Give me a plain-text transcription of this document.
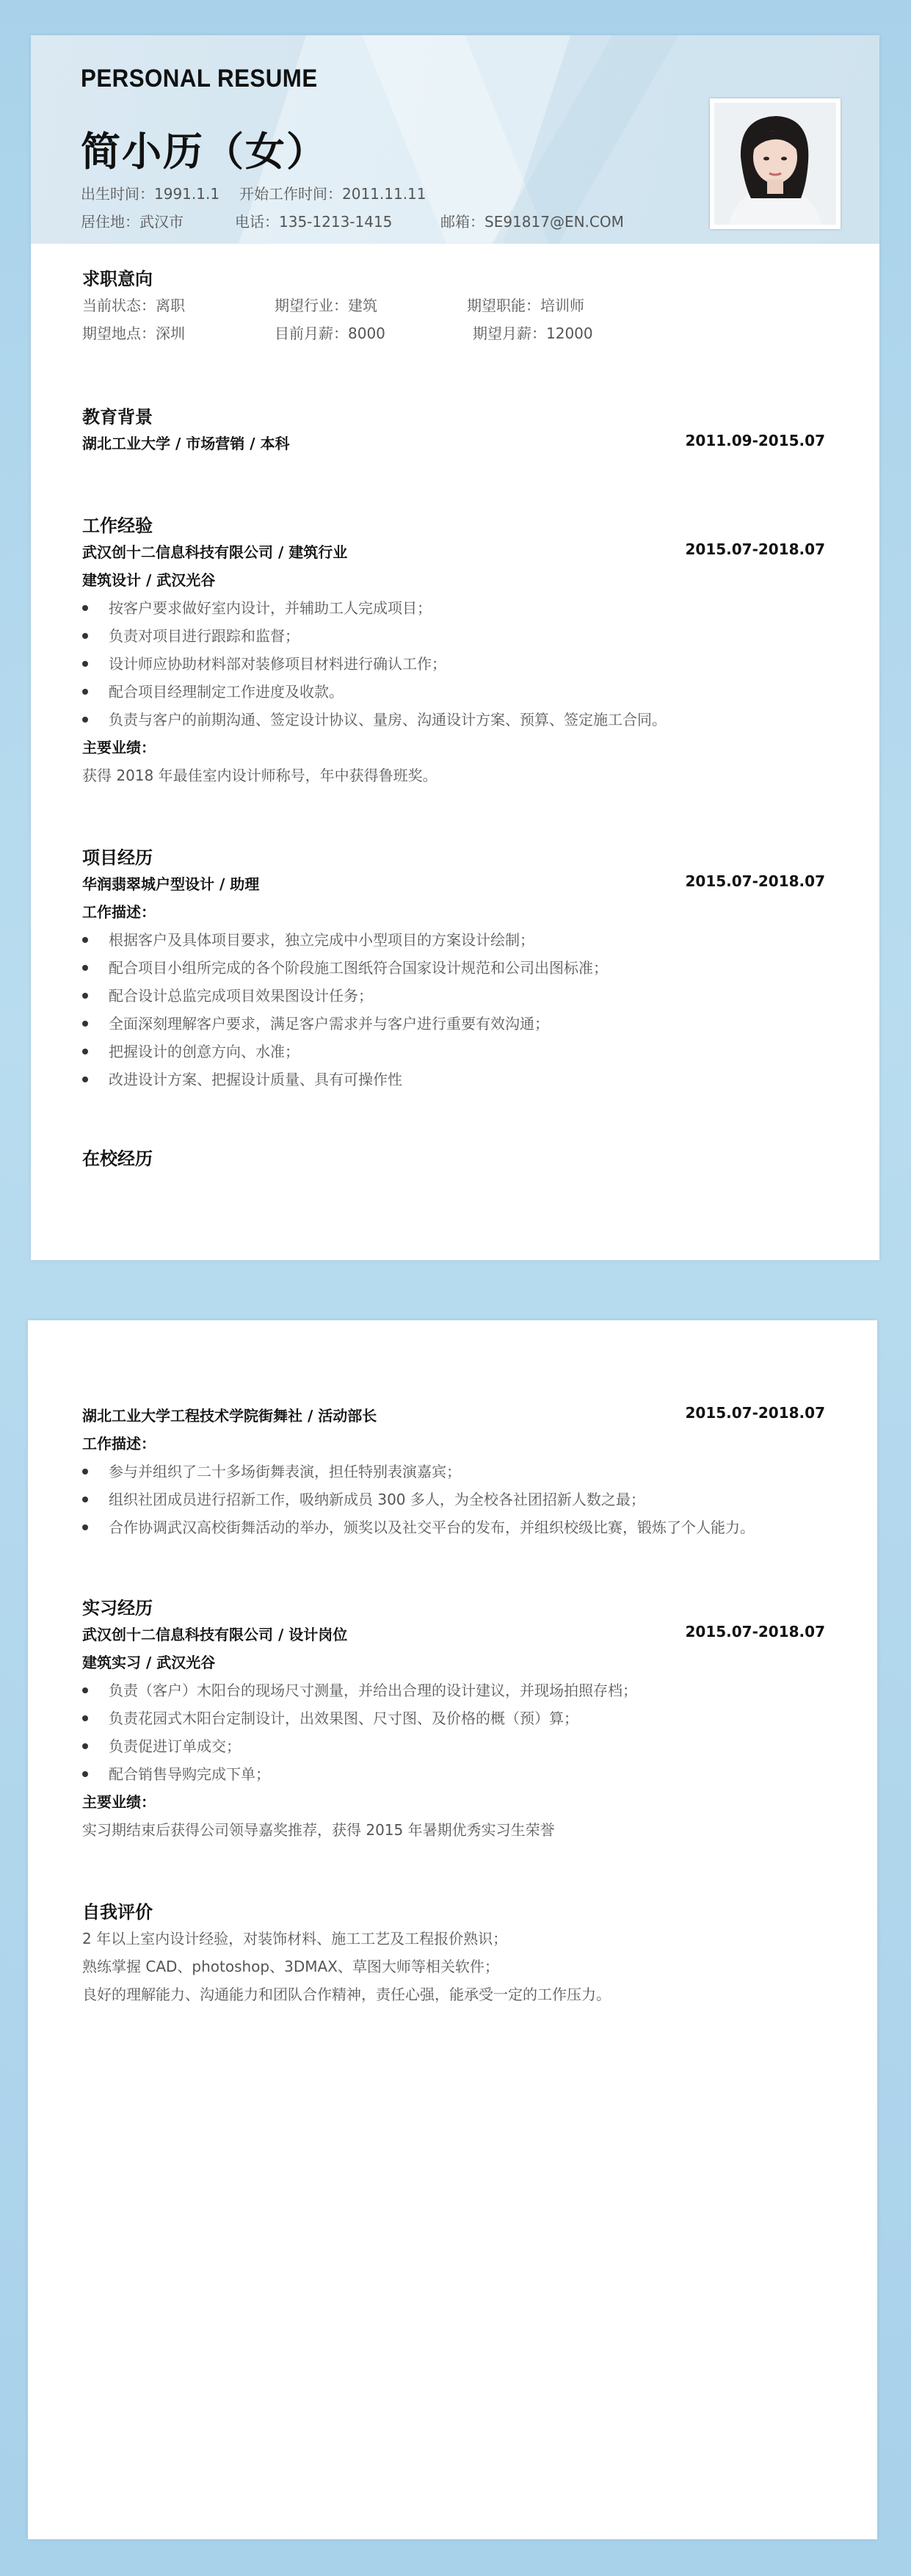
PERSONAL RESUME
简小历（女）
出生时间：1991.1.1 开始工作时间：2011.11.11
居住地：武汉市	电话：135-1213-1415	邮箱：SE91817@EN.COM
求职意向
当前状态：离职	期望行业：建筑	期望职能：培训师
期望地点：深圳	目前月薪：8000	期望月薪：12000
教育背景
湖北工业大学 / 市场营销 / 本科	2011.09-2015.07
工作经验
武汉创十二信息科技有限公司 / 建筑行业	2015.07-2018.07
建筑设计 / 武汉光谷
按客户要求做好室内设计，并辅助工人完成项目；
负责对项目进行跟踪和监督；
设计师应协助材料部对装修项目材料进行确认工作；
配合项目经理制定工作进度及收款。
负责与客户的前期沟通、签定设计协议、量房、沟通设计方案、预算、签定施工合同。
主要业绩：
获得 2018 年最佳室内设计师称号，年中获得鲁班奖。
项目经历
华润翡翠城户型设计 / 助理	2015.07-2018.07
工作描述：
根据客户及具体项目要求，独立完成中小型项目的方案设计绘制；
配合项目小组所完成的各个阶段施工图纸符合国家设计规范和公司出图标准；
配合设计总监完成项目效果图设计任务；
全面深刻理解客户要求，满足客户需求并与客户进行重要有效沟通；
把握设计的创意方向、水准；
改进设计方案、把握设计质量、具有可操作性
在校经历
湖北工业大学工程技术学院街舞社 / 活动部长	2015.07-2018.07
工作描述：
参与并组织了二十多场街舞表演，担任特别表演嘉宾；
组织社团成员进行招新工作，吸纳新成员 300 多人，为全校各社团招新人数之最；
合作协调武汉高校街舞活动的举办，颁奖以及社交平台的发布，并组织校级比赛，锻炼了个人能力。
实习经历
武汉创十二信息科技有限公司 / 设计岗位	2015.07-2018.07
建筑实习 / 武汉光谷
负责（客户）木阳台的现场尺寸测量，并给出合理的设计建议，并现场拍照存档；
负责花园式木阳台定制设计，出效果图、尺寸图、及价格的概（预）算；
负责促进订单成交；
配合销售导购完成下单；
主要业绩：
实习期结束后获得公司领导嘉奖推荐，获得 2015 年暑期优秀实习生荣誉
自我评价
2 年以上室内设计经验，对装饰材料、施工工艺及工程报价熟识；
熟练掌握 CAD、photoshop、3DMAX、草图大师等相关软件；
良好的理解能力、沟通能力和团队合作精神，责任心强，能承受一定的工作压力。
